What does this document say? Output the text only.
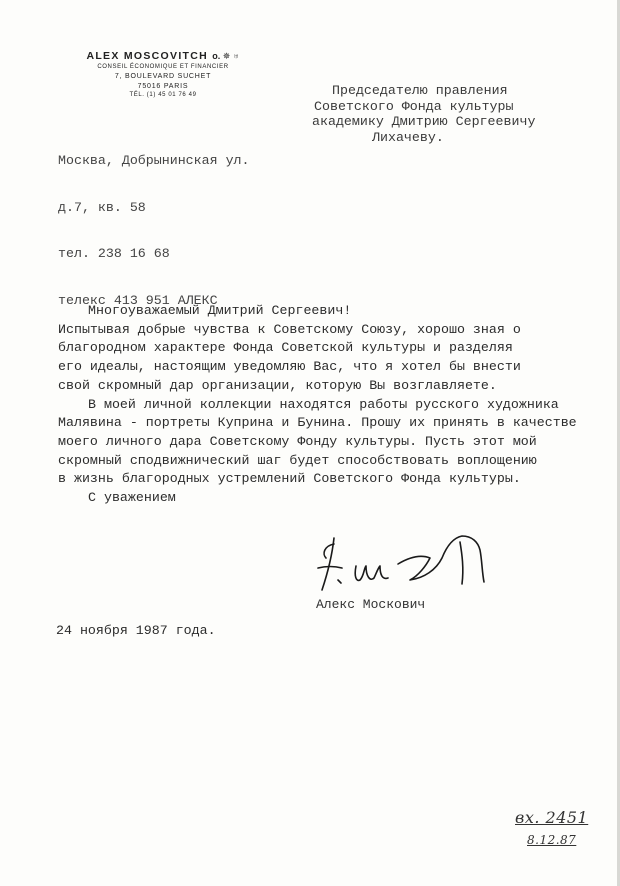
ALEX MOSCOVITCH o. ✵ ♅
CONSEIL ÉCONOMIQUE ET FINANCIER
7, BOULEVARD SUCHET
75016 PARIS
TÉL. (1) 45 01 76 49

Москва, Добрынинская ул.

д.7, кв. 58

тел. 238 16 68

телекс 413 951 АЛЕКС

Председателю правления
Советского Фонда культуры
академику Дмитрию Сергеевичу
Лихачеву.
Многоуважаемый Дмитрий Сергеевич!
Испытывая добрые чувства к Советскому Союзу, хорошо зная о
благородном характере Фонда Советской культуры и разделяя
его идеалы, настоящим уведомляю Вас, что я хотел бы внести
свой скромный дар организации, которую Вы возглавляете.
В моей личной коллекции находятся работы русского художника
Малявина - портреты Куприна и Бунина. Прошу их принять в качестве
моего личного дара Советскому Фонду культуры. Пусть этот мой
скромный сподвижнический шаг будет способствовать воплощению
в жизнь благородных устремлений Советского Фонда культуры.
С уважением
Алекс Москович
24 ноября 1987 года.
вх. 2451
8.12.87
